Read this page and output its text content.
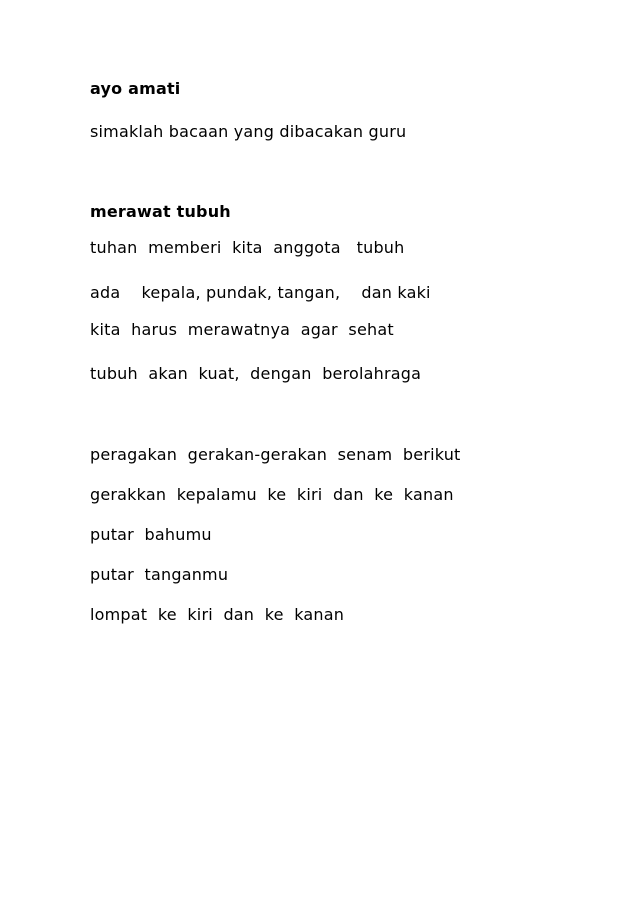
ayo amati

simaklah bacaan yang dibacakan guru

merawat tubuh

tuhan  memberi  kita  anggota   tubuh

ada    kepala, pundak, tangan,    dan kaki

kita  harus  merawatnya  agar  sehat

tubuh  akan  kuat,  dengan  berolahraga

peragakan  gerakan-gerakan  senam  berikut

gerakkan  kepalamu  ke  kiri  dan  ke  kanan

putar  bahumu

putar  tanganmu

lompat  ke  kiri  dan  ke  kanan
